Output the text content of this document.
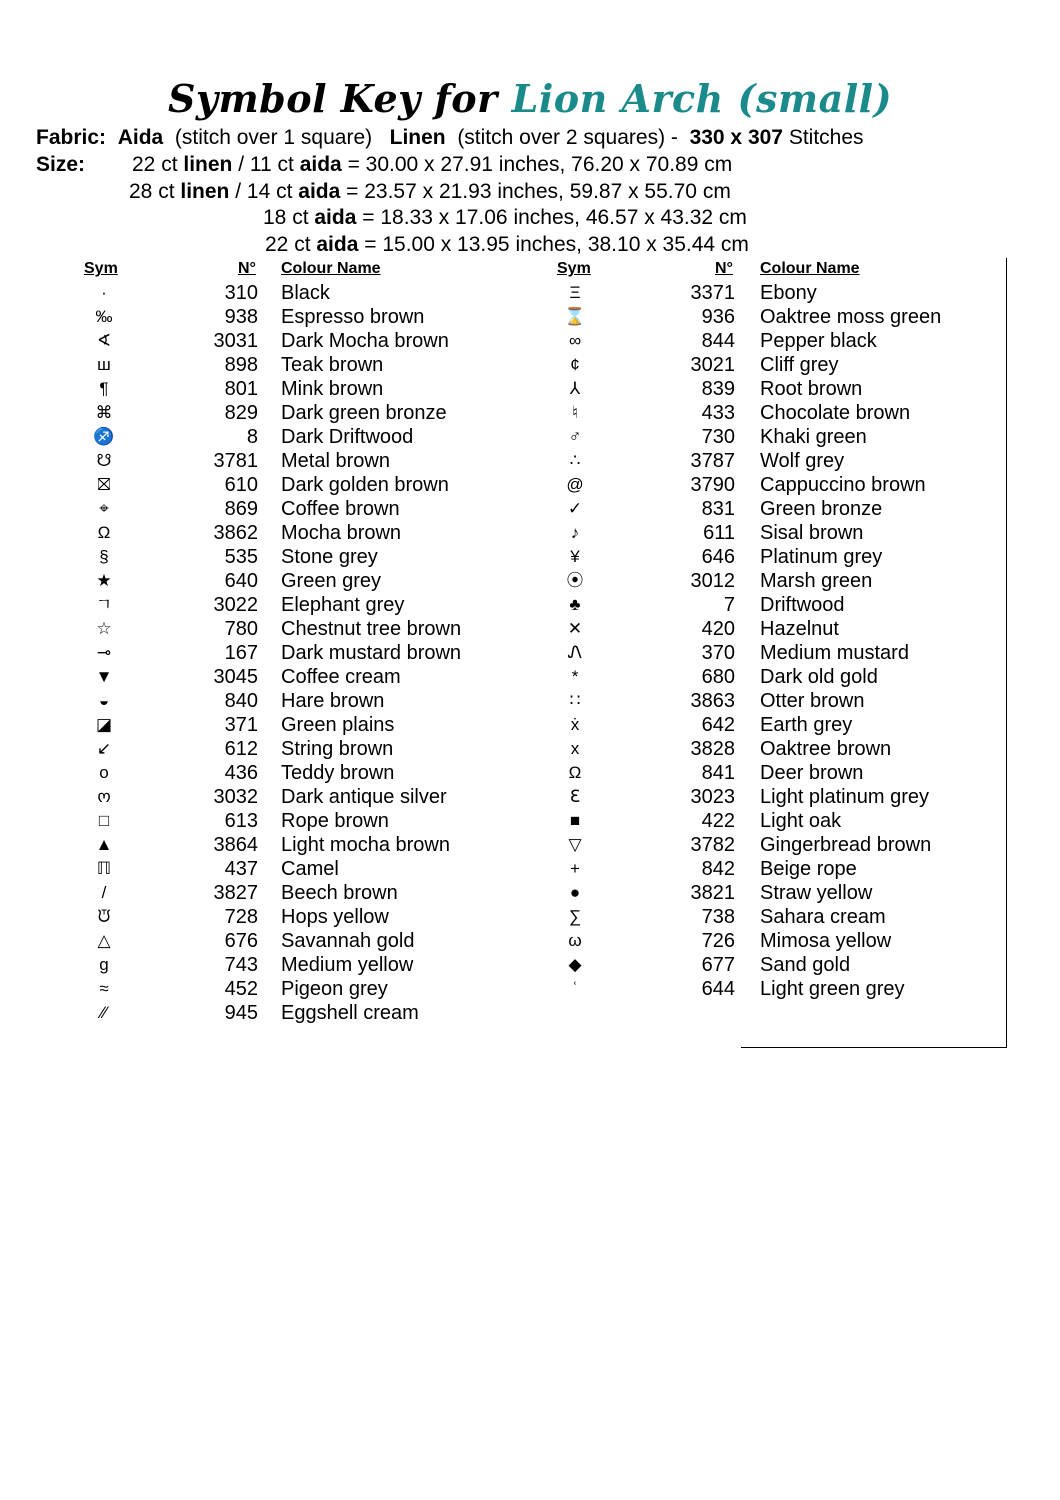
Symbol Key for Lion Arch (small)
Fabric: Aida (stitch over 1 square) Linen (stitch over 2 squares) - 330 x 307 Stitches
Size: 22 ct linen / 11 ct aida = 30.00 x 27.91 inches, 76.20 x 70.89 cm
28 ct linen / 14 ct aida = 23.57 x 21.93 inches, 59.87 x 55.70 cm
18 ct aida = 18.33 x 17.06 inches, 46.57 x 43.32 cm
22 ct aida = 15.00 x 13.95 inches, 38.10 x 35.44 cm
Sym	N° Colour Name	Sym	N° Colour Name
·	310 Black
‰	938 Espresso brown
∢	3031 Dark Mocha brown
ш	898 Teak brown
¶	801 Mink brown
⌘	829 Dark green bronze
♐	8 Dark Driftwood
☋	3781 Metal brown
⛝	610 Dark golden brown
⌖	869 Coffee brown
Ω	3862 Mocha brown
§	535 Stone grey
★	640 Green grey
ㄱ	3022 Elephant grey
☆	780 Chestnut tree brown
⊸	167 Dark mustard brown
▼	3045 Coffee cream
◒	840 Hare brown
◪	371 Green plains
↙	612 String brown
o	436 Teddy brown
ო	3032 Dark antique silver
□	613 Rope brown
▲	3864 Light mocha brown
ℿ	437 Camel
/	3827 Beech brown
ᙈ	728 Hops yellow
△	676 Savannah gold
g	743 Medium yellow
≈	452 Pigeon grey
⁄⁄	945 Eggshell cream
Ξ	3371 Ebony
⌛	936 Oaktree moss green
∞	844 Pepper black
¢	3021 Cliff grey
⅄	839 Root brown
♮	433 Chocolate brown
♂	730 Khaki green
∴	3787 Wolf grey
@	3790 Cappuccino brown
✓	831 Green bronze
♪	611 Sisal brown
¥	646 Platinum grey
⦿	3012 Marsh green
♣	7 Driftwood
✕	420 Hazelnut
Ꮑ	370 Medium mustard
*	680 Dark old gold
∷	3863 Otter brown
ẋ	642 Earth grey
x	3828 Oaktree brown
Ω	841 Deer brown
ℇ	3023 Light platinum grey
■	422 Light oak
▽	3782 Gingerbread brown
+	842 Beige rope
●	3821 Straw yellow
∑	738 Sahara cream
ω	726 Mimosa yellow
◆	677 Sand gold
ʿ	644 Light green grey
